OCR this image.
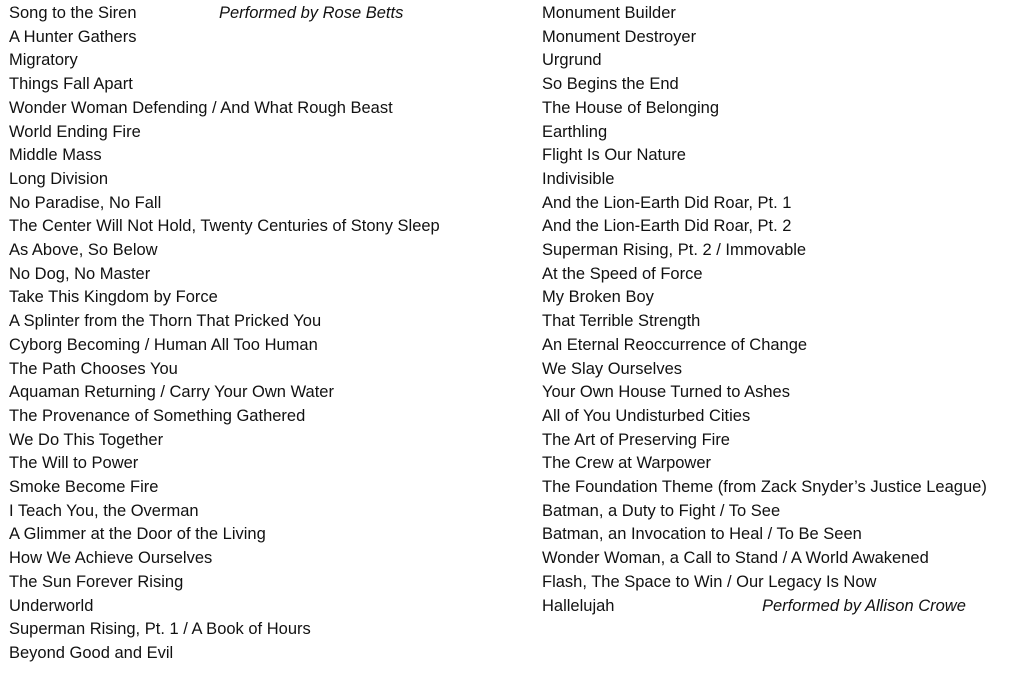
Song to the Siren	Performed by Rose Betts
A Hunter Gathers
Migratory
Things Fall Apart
Wonder Woman Defending / And What Rough Beast
World Ending Fire
Middle Mass
Long Division
No Paradise, No Fall
The Center Will Not Hold, Twenty Centuries of Stony Sleep
As Above, So Below
No Dog, No Master
Take This Kingdom by Force
A Splinter from the Thorn That Pricked You
Cyborg Becoming / Human All Too Human
The Path Chooses You
Aquaman Returning / Carry Your Own Water
The Provenance of Something Gathered
We Do This Together
The Will to Power
Smoke Become Fire
I Teach You, the Overman
A Glimmer at the Door of the Living
How We Achieve Ourselves
The Sun Forever Rising
Underworld
Superman Rising, Pt. 1 / A Book of Hours
Beyond Good and Evil
Monument Builder
Monument Destroyer
Urgrund
So Begins the End
The House of Belonging
Earthling
Flight Is Our Nature
Indivisible
And the Lion-Earth Did Roar, Pt. 1
And the Lion-Earth Did Roar, Pt. 2
Superman Rising, Pt. 2 / Immovable
At the Speed of Force
My Broken Boy
That Terrible Strength
An Eternal Reoccurrence of Change
We Slay Ourselves
Your Own House Turned to Ashes
All of You Undisturbed Cities
The Art of Preserving Fire
The Crew at Warpower
The Foundation Theme (from Zack Snyder’s Justice League)
Batman, a Duty to Fight / To See
Batman, an Invocation to Heal / To Be Seen
Wonder Woman, a Call to Stand / A World Awakened
Flash, The Space to Win / Our Legacy Is Now
Hallelujah	Performed by Allison Crowe
